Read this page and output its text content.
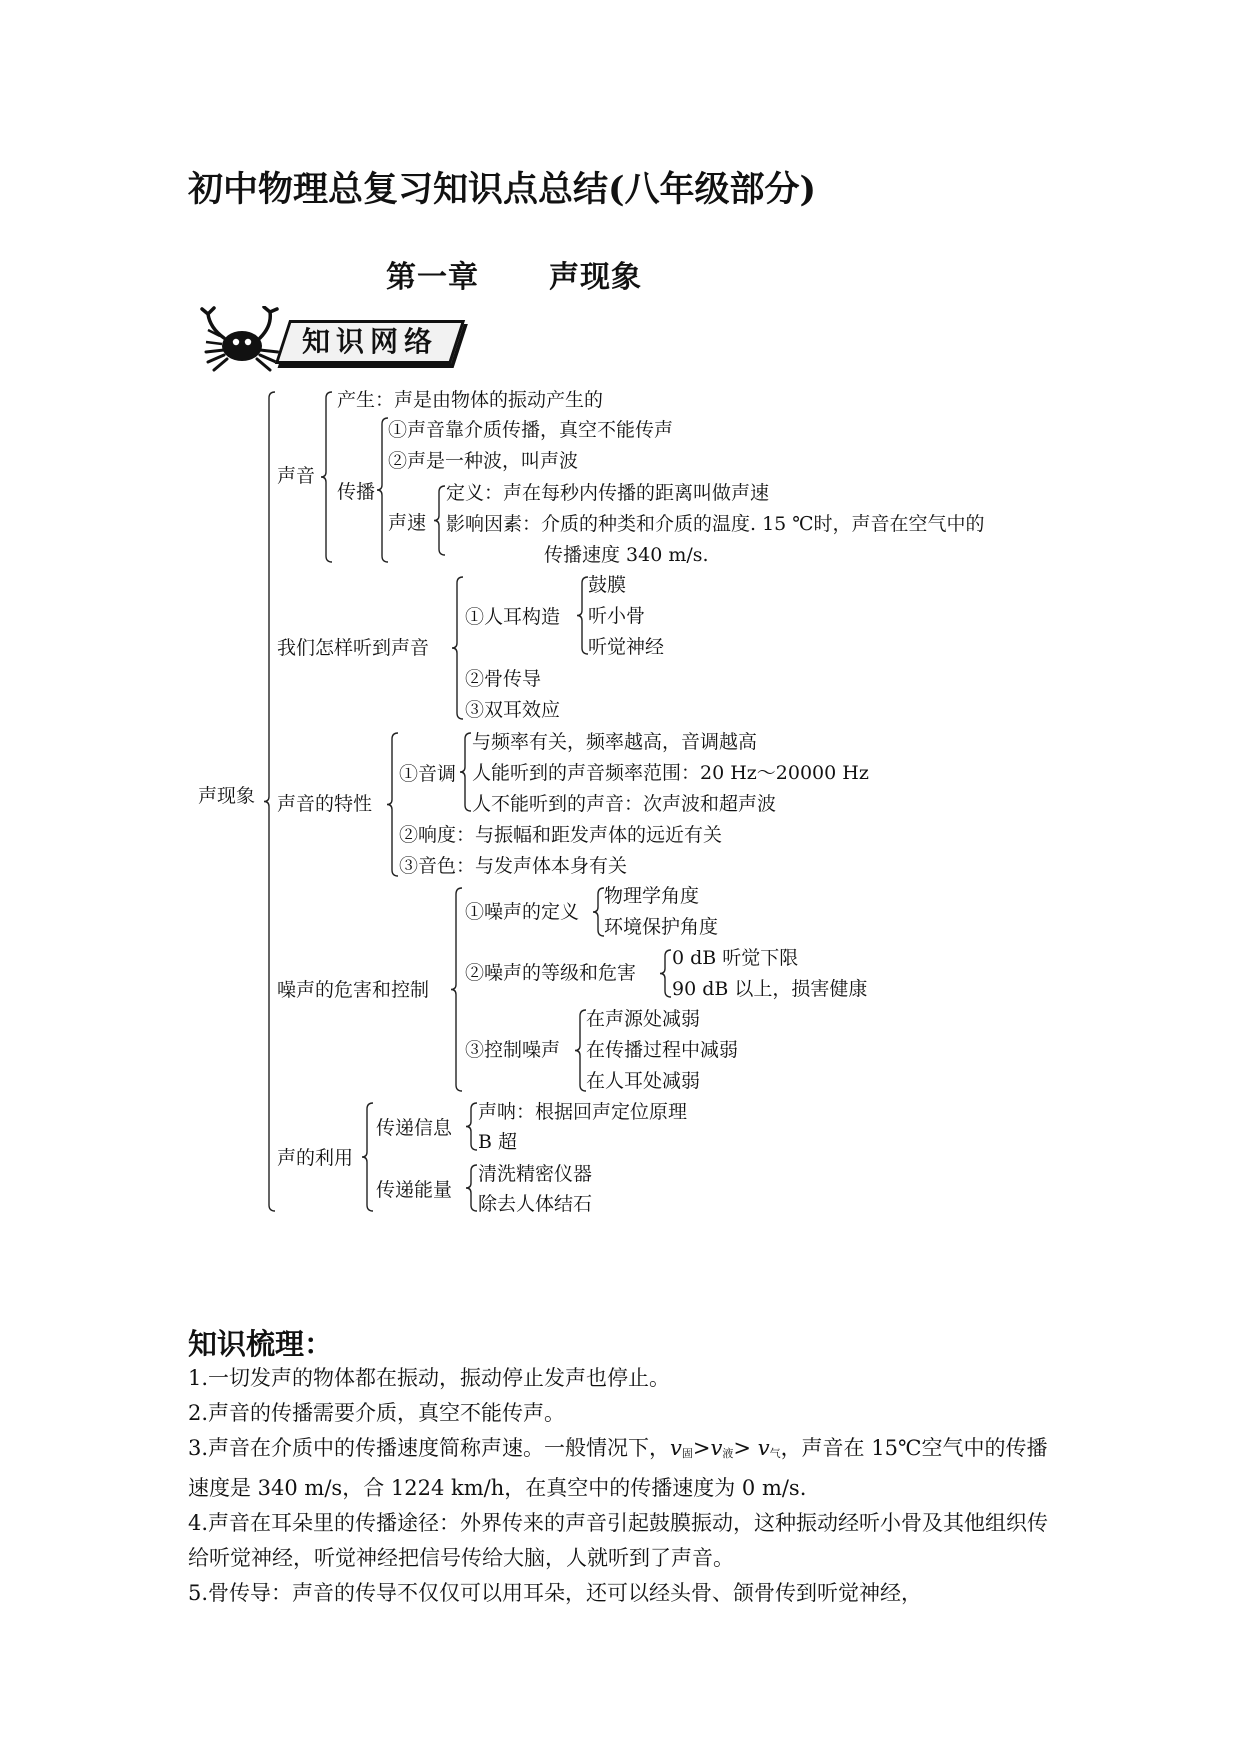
初中物理总复习知识点总结(八年级部分)
第一章 声现象
知识网络
声现象
声音
产生：声是由物体的振动产生的
传播
①声音靠介质传播，真空不能传声
②声是一种波，叫声波
声速
定义：声在每秒内传播的距离叫做声速
影响因素：介质的种类和介质的温度. 15 ℃时，声音在空气中的
传播速度 340 m/s.
我们怎样听到声音
①人耳构造
鼓膜
听小骨
听觉神经
②骨传导
③双耳效应
声音的特性
①音调
与频率有关，频率越高，音调越高
人能听到的声音频率范围：20 Hz～20000 Hz
人不能听到的声音：次声波和超声波
②响度：与振幅和距发声体的远近有关
③音色：与发声体本身有关
噪声的危害和控制
①噪声的定义
物理学角度
环境保护角度
②噪声的等级和危害
0 dB 听觉下限
90 dB 以上，损害健康
③控制噪声
在声源处减弱
在传播过程中减弱
在人耳处减弱
声的利用
传递信息
声呐：根据回声定位原理
B 超
传递能量
清洗精密仪器
除去人体结石
知识梳理：

1.一切发声的物体都在振动，振动停止发声也停止。

2.声音的传播需要介质，真空不能传声。

3.声音在介质中的传播速度简称声速。一般情况下，v固>v液> v气，声音在 15℃空气中的传播速度是 340 m/s，合 1224 km/h，在真空中的传播速度为 0 m/s.

4.声音在耳朵里的传播途径：外界传来的声音引起鼓膜振动，这种振动经听小骨及其他组织传给听觉神经，听觉神经把信号传给大脑，人就听到了声音。

5.骨传导：声音的传导不仅仅可以用耳朵，还可以经头骨、颌骨传到听觉神经，
